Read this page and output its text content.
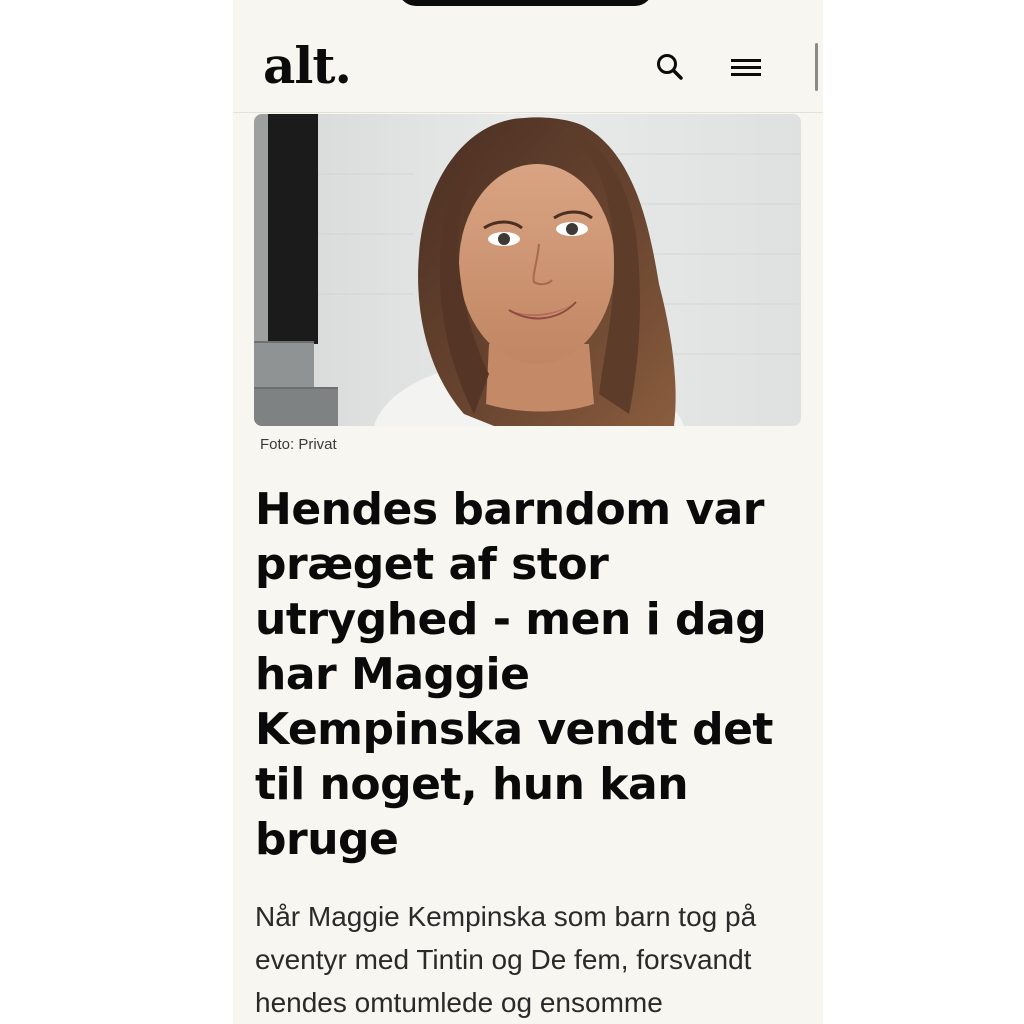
alt.
Foto: Privat
Hendes barndom var
præget af stor
utryghed - men i dag
har Maggie
Kempinska vendt det
til noget, hun kan
bruge

Når Maggie Kempinska som barn tog på
eventyr med Tintin og De fem, forsvandt
hendes omtumlede og ensomme
